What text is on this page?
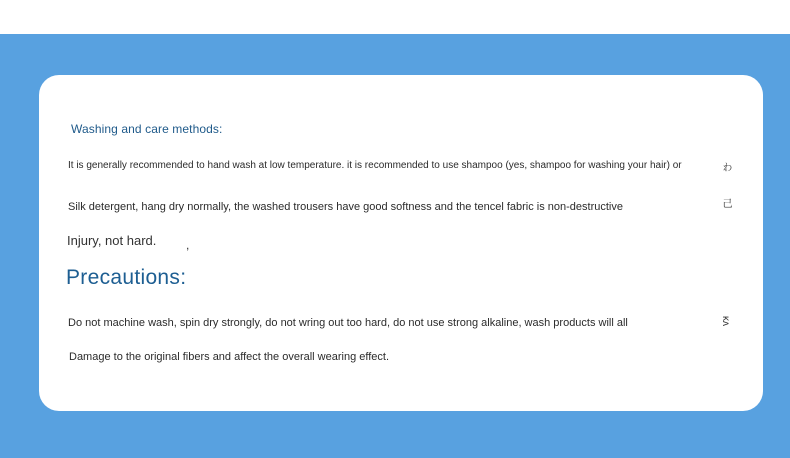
Washing and care methods:
It is generally recommended to hand wash at low temperature. it is recommended to use shampoo (yes, shampoo for washing your hair) or	わ
Silk detergent, hang dry normally, the washed trousers have good softness and the tencel fabric is non-destructive	己
Injury, not hard. ,
Precautions:
Do not machine wash, spin dry strongly, do not wring out too hard, do not use strong alkaline, wash products will all	ᴋᴧ
Damage to the original fibers and affect the overall wearing effect.
